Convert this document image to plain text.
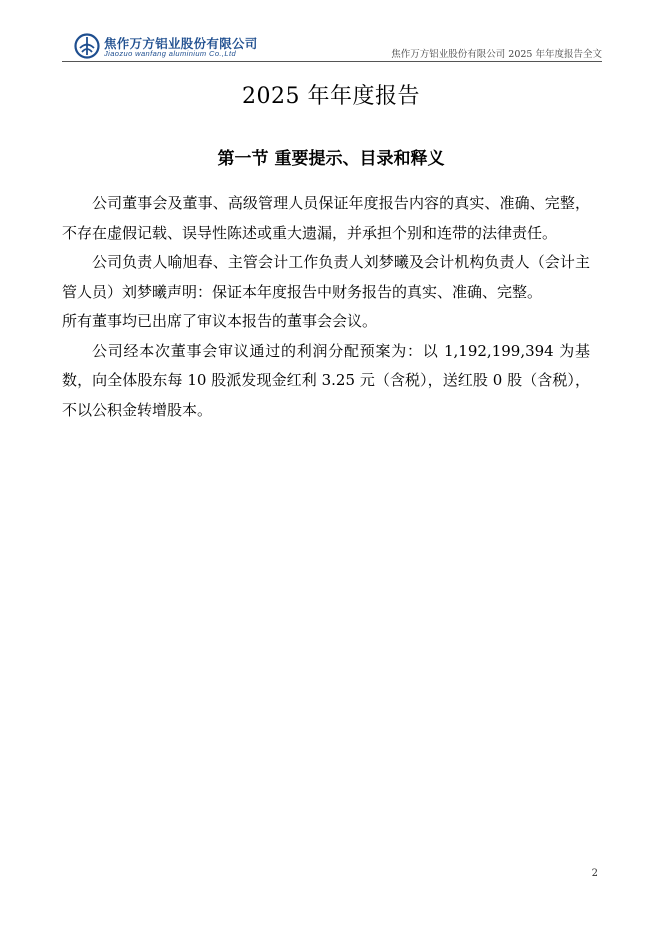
焦作万方铝业股份有限公司
Jiaozuo wanfang aluminium Co.,Ltd	焦作万方铝业股份有限公司 2025 年年度报告全文
2025 年年度报告
第一节 重要提示、目录和释义

公司董事会及董事、高级管理人员保证年度报告内容的真实、准确、完整，不存在虚假记载、误导性陈述或重大遗漏，并承担个别和连带的法律责任。

公司负责人喻旭春、主管会计工作负责人刘梦曦及会计机构负责人（会计主管人员）刘梦曦声明：保证本年度报告中财务报告的真实、准确、完整。

所有董事均已出席了审议本报告的董事会会议。

公司经本次董事会审议通过的利润分配预案为：以 1,192,199,394 为基数，向全体股东每 10 股派发现金红利 3.25 元（含税），送红股 0 股（含税），不以公积金转增股本。

2
